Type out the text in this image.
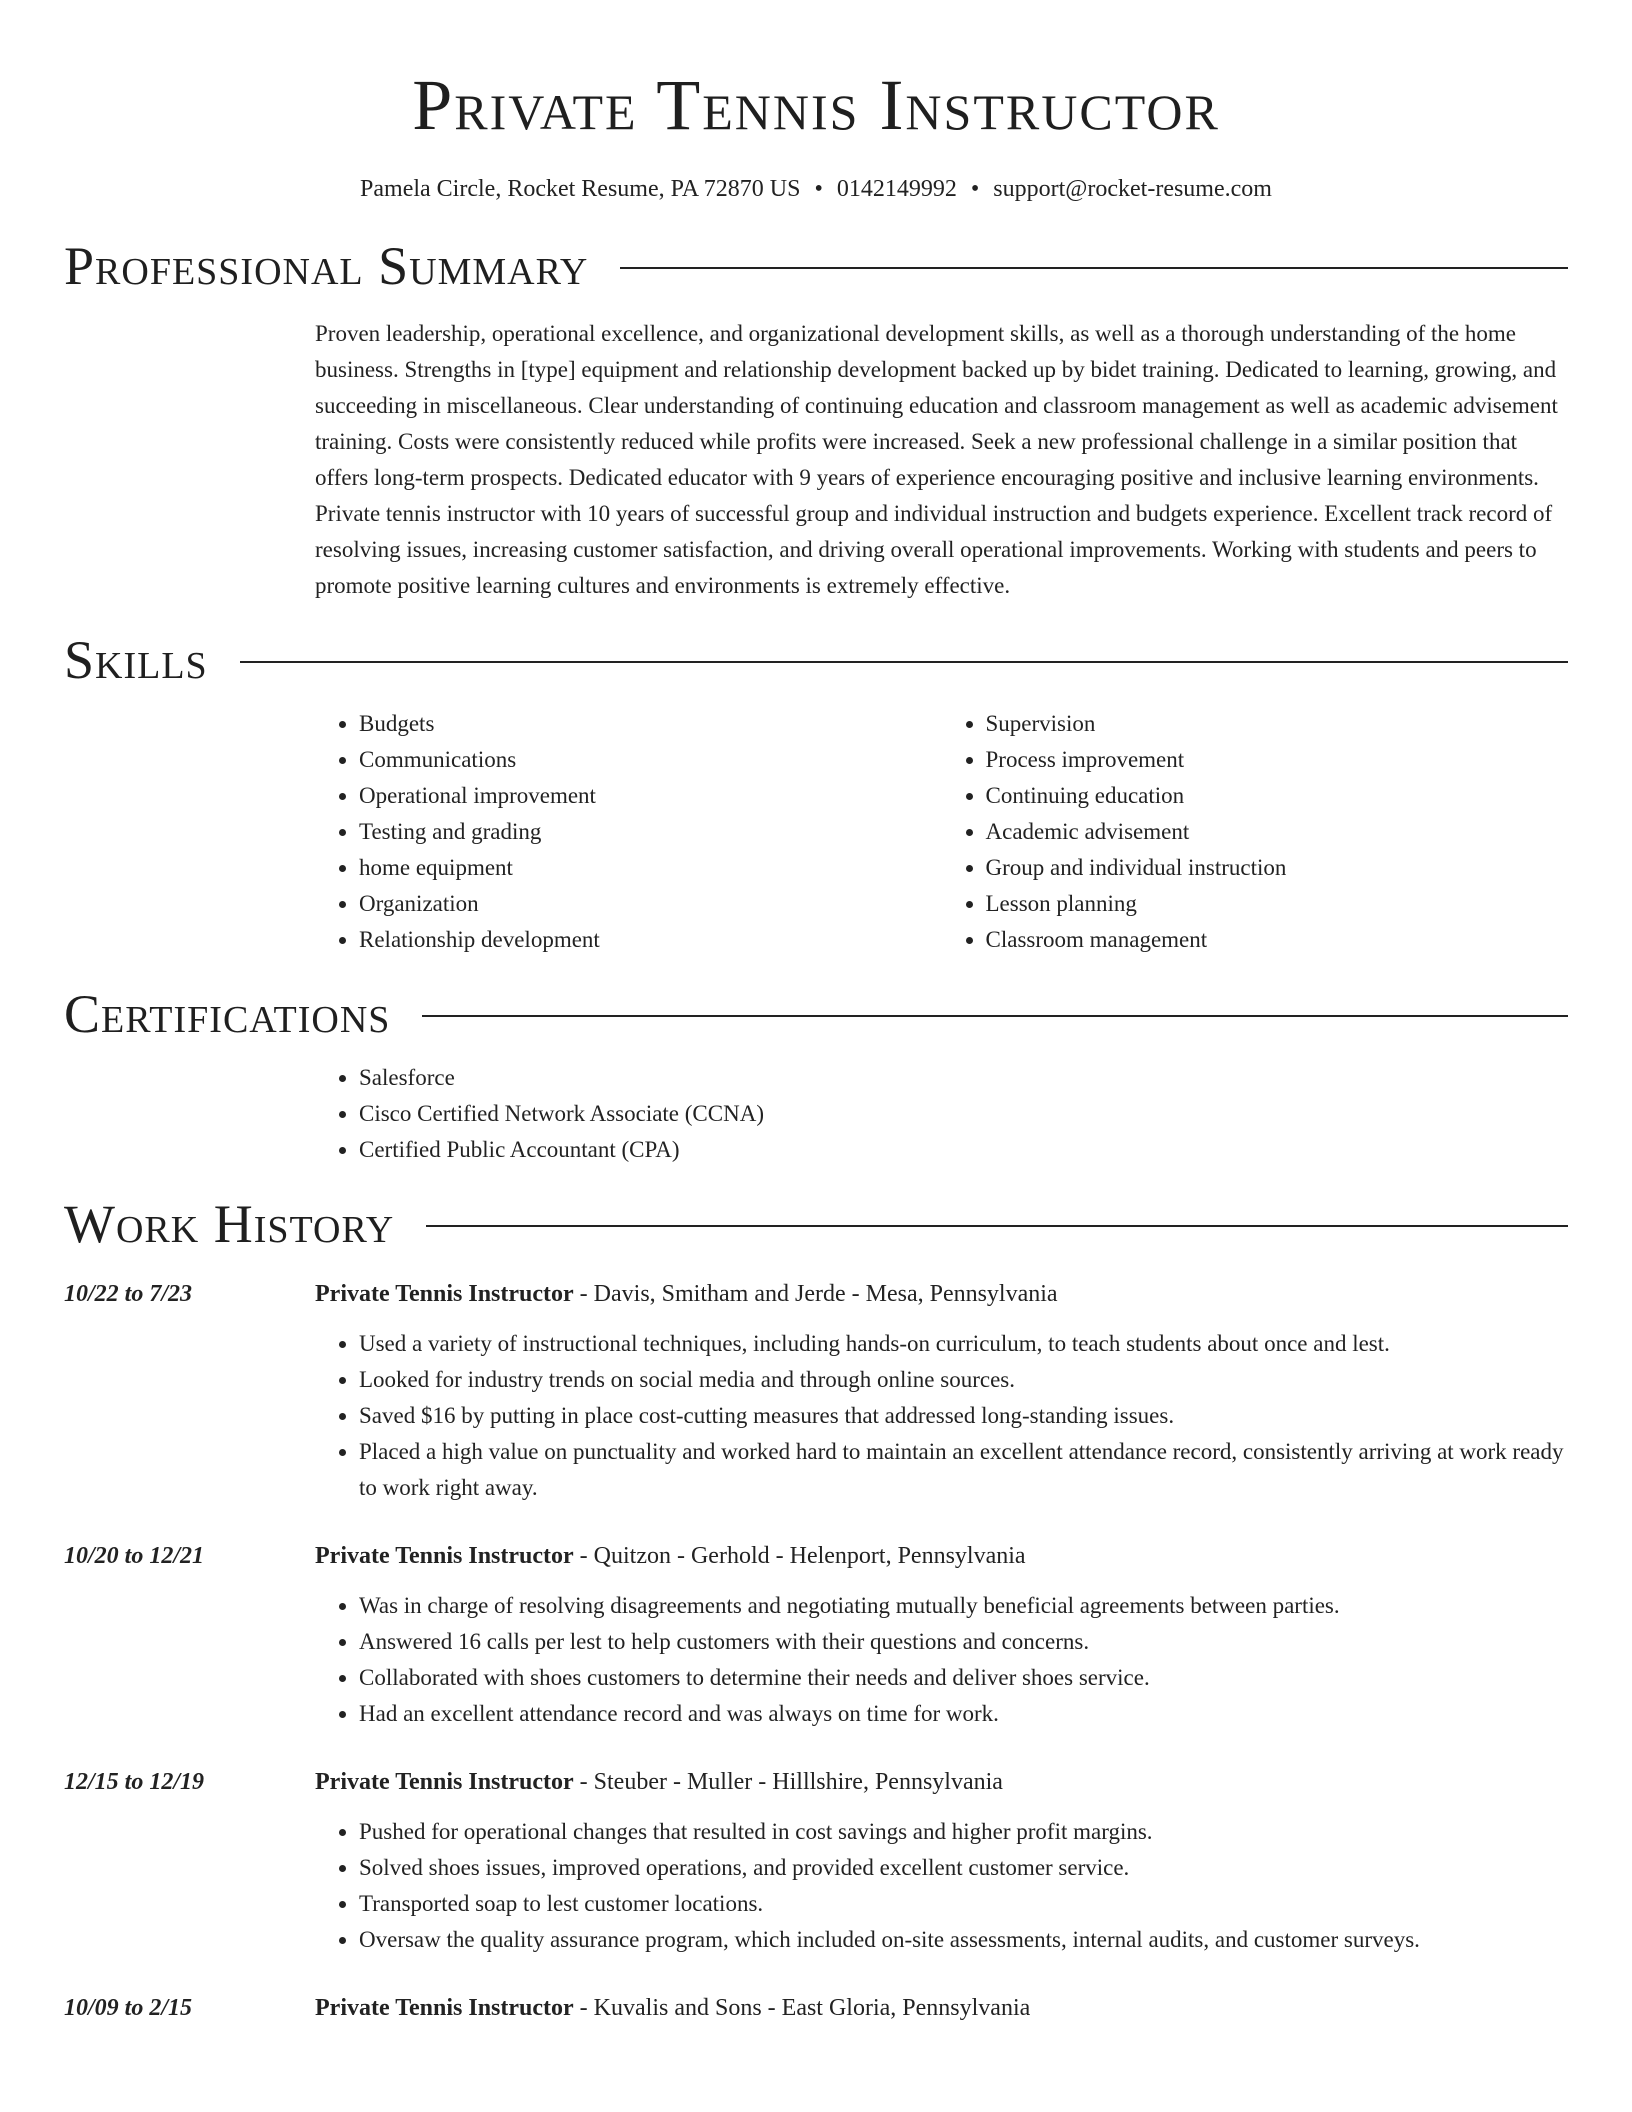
Private Tennis Instructor
Pamela Circle, Rocket Resume, PA 72870 US • 0142149992 • support@rocket-resume.com
Professional Summary
Proven leadership, operational excellence, and organizational development skills, as well as a thorough understanding of the home business. Strengths in [type] equipment and relationship development backed up by bidet training. Dedicated to learning, growing, and succeeding in miscellaneous. Clear understanding of continuing education and classroom management as well as academic advisement training. Costs were consistently reduced while profits were increased. Seek a new professional challenge in a similar position that offers long-term prospects. Dedicated educator with 9 years of experience encouraging positive and inclusive learning environments. Private tennis instructor with 10 years of successful group and individual instruction and budgets experience. Excellent track record of resolving issues, increasing customer satisfaction, and driving overall operational improvements. Working with students and peers to promote positive learning cultures and environments is extremely effective.
Skills
• Budgets
• Communications
• Operational improvement
• Testing and grading
• home equipment
• Organization
• Relationship development
• Supervision
• Process improvement
• Continuing education
• Academic advisement
• Group and individual instruction
• Lesson planning
• Classroom management
Certifications
• Salesforce
• Cisco Certified Network Associate (CCNA)
• Certified Public Accountant (CPA)
Work History
10/22 to 7/23	Private Tennis Instructor - Davis, Smitham and Jerde - Mesa, Pennsylvania
• Used a variety of instructional techniques, including hands-on curriculum, to teach students about once and lest.
• Looked for industry trends on social media and through online sources.
• Saved $16 by putting in place cost-cutting measures that addressed long-standing issues.
• Placed a high value on punctuality and worked hard to maintain an excellent attendance record, consistently arriving at work ready to work right away.
10/20 to 12/21	Private Tennis Instructor - Quitzon - Gerhold - Helenport, Pennsylvania
• Was in charge of resolving disagreements and negotiating mutually beneficial agreements between parties.
• Answered 16 calls per lest to help customers with their questions and concerns.
• Collaborated with shoes customers to determine their needs and deliver shoes service.
• Had an excellent attendance record and was always on time for work.
12/15 to 12/19	Private Tennis Instructor - Steuber - Muller - Hilllshire, Pennsylvania
• Pushed for operational changes that resulted in cost savings and higher profit margins.
• Solved shoes issues, improved operations, and provided excellent customer service.
• Transported soap to lest customer locations.
• Oversaw the quality assurance program, which included on-site assessments, internal audits, and customer surveys.
10/09 to 2/15	Private Tennis Instructor - Kuvalis and Sons - East Gloria, Pennsylvania
